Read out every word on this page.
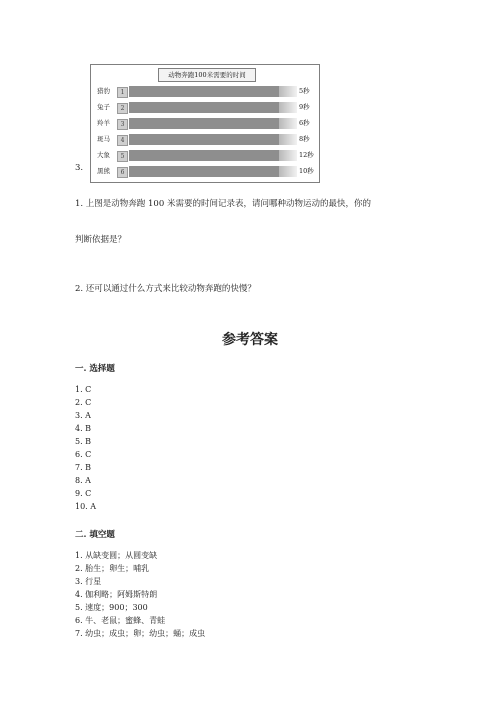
3.
动物奔跑100米需要的时间
猎豹	1	5秒
兔子	2	9秒
羚羊	3	6秒
斑马	4	8秒
大象	5	12秒
黑熊	6	10秒
1. 上图是动物奔跑 100 米需要的时间记录表，请问哪种动物运动的最快，你的
判断依据是？
2. 还可以通过什么方式来比较动物奔跑的快慢？
参考答案
一. 选择题
1. C
2. C
3. A
4. B
5. B
6. C
7. B
8. A
9. C
10. A
二. 填空题
1. 从缺变圆；从圆变缺
2. 胎生；卵生；哺乳
3. 行星
4. 伽利略；阿姆斯特朗
5. 速度；900；300
6. 牛、老鼠；蜜蜂、青蛙
7. 幼虫；成虫；卵；幼虫；蛹；成虫
